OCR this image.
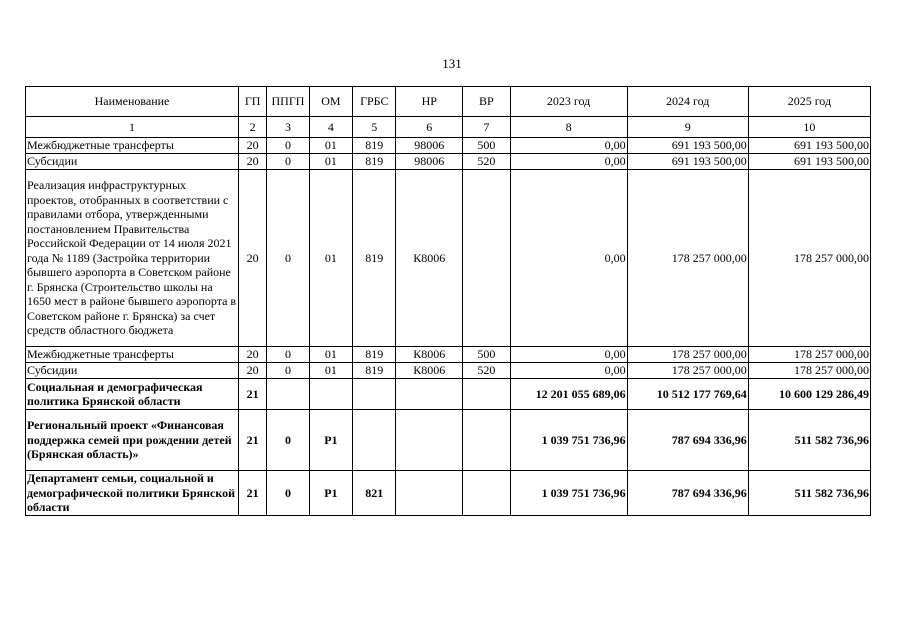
131
Наименование	ГП	ППГП	ОМ	ГРБС	НР	ВР	2023 год	2024 год	2025 год
1	2	3	4	5	6	7	8	9	10
Межбюджетные трансферты	20	0	01	819	98006	500	0,00	691 193 500,00	691 193 500,00
Субсидии	20	0	01	819	98006	520	0,00	691 193 500,00	691 193 500,00
Реализация инфраструктурных проектов, отобранных в соответствии с правилами отбора, утвержденными постановлением Правительства Российской Федерации от 14 июля 2021 года № 1189 (Застройка территории бывшего аэропорта в Советском районе г. Брянска (Строительство школы на 1650 мест в районе бывшего аэропорта в Советском районе г. Брянска) за счет средств областного бюджета	20	0	01	819	К8006		0,00	178 257 000,00	178 257 000,00
Межбюджетные трансферты	20	0	01	819	К8006	500	0,00	178 257 000,00	178 257 000,00
Субсидии	20	0	01	819	К8006	520	0,00	178 257 000,00	178 257 000,00
Социальная и демографическая политика Брянской области	21						12 201 055 689,06	10 512 177 769,64	10 600 129 286,49
Региональный проект «Финансовая поддержка семей при рождении детей (Брянская область)»	21	0	P1				1 039 751 736,96	787 694 336,96	511 582 736,96
Департамент семьи, социальной и демографической политики Брянской области	21	0	P1	821			1 039 751 736,96	787 694 336,96	511 582 736,96
